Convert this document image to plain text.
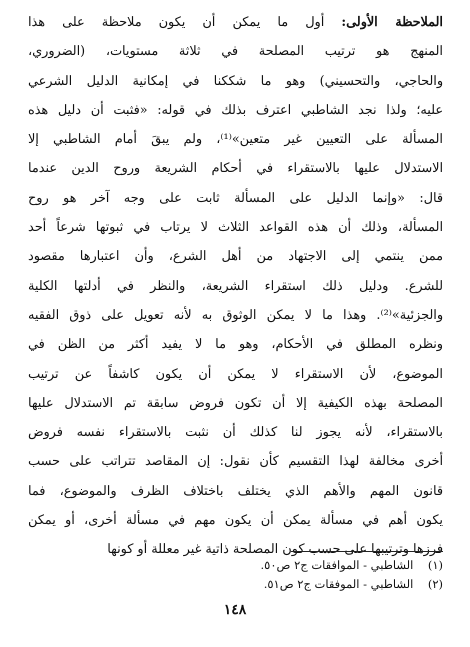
الملاحظة الأولى: أول ما يمكن أن يكون ملاحظة على هذا
المنهج هو ترتيب المصلحة في ثلاثة مستويات، (الضروري،
والحاجي، والتحسيني) وهو ما شككنا في إمكانية الدليل الشرعي
عليه؛ ولذا نجد الشاطبي اعترف بذلك في قوله: «فثبت أن دليل هذه
المسألة على التعيين غير متعين»⁽¹⁾، ولم يبقَ أمام الشاطبي إلا
الاستدلال عليها بالاستقراء في أحكام الشريعة وروح الدين عندما
قال: «وإنما الدليل على المسألة ثابت على وجه آخر هو روح
المسألة، وذلك أن هذه القواعد الثلاث لا يرتاب في ثبوتها شرعاً أحد
ممن ينتمي إلى الاجتهاد من أهل الشرع، وأن اعتبارها مقصود
للشرع. ودليل ذلك استقراء الشريعة، والنظر في أدلتها الكلية
والجزئية»⁽²⁾. وهذا ما لا يمكن الوثوق به لأنه تعويل على ذوق الفقيه
ونظره المطلق في الأحكام، وهو ما لا يفيد أكثر من الظن في
الموضوع، لأن الاستقراء لا يمكن أن يكون كاشفاً عن ترتيب
المصلحة بهذه الكيفية إلا أن تكون فروض سابقة تم الاستدلال عليها
بالاستقراء، لأنه يجوز لنا كذلك أن نثبت بالاستقراء نفسه فروض
أخرى مخالفة لهذا التقسيم كأن نقول: إن المقاصد تتراتب على حسب
قانون المهم والأهم الذي يختلف باختلاف الظرف والموضوع، فما
يكون أهم في مسألة يمكن أن يكون مهم في مسألة أخرى، أو يمكن
فرزها وترتيبها على حسب كون المصلحة ذاتية غير معللة أو كونها
(١) الشاطبي - الموافقات ج٢ ص٥٠.
(٢) الشاطبي - الموفقات ج٢ ص٥١.
١٤٨
